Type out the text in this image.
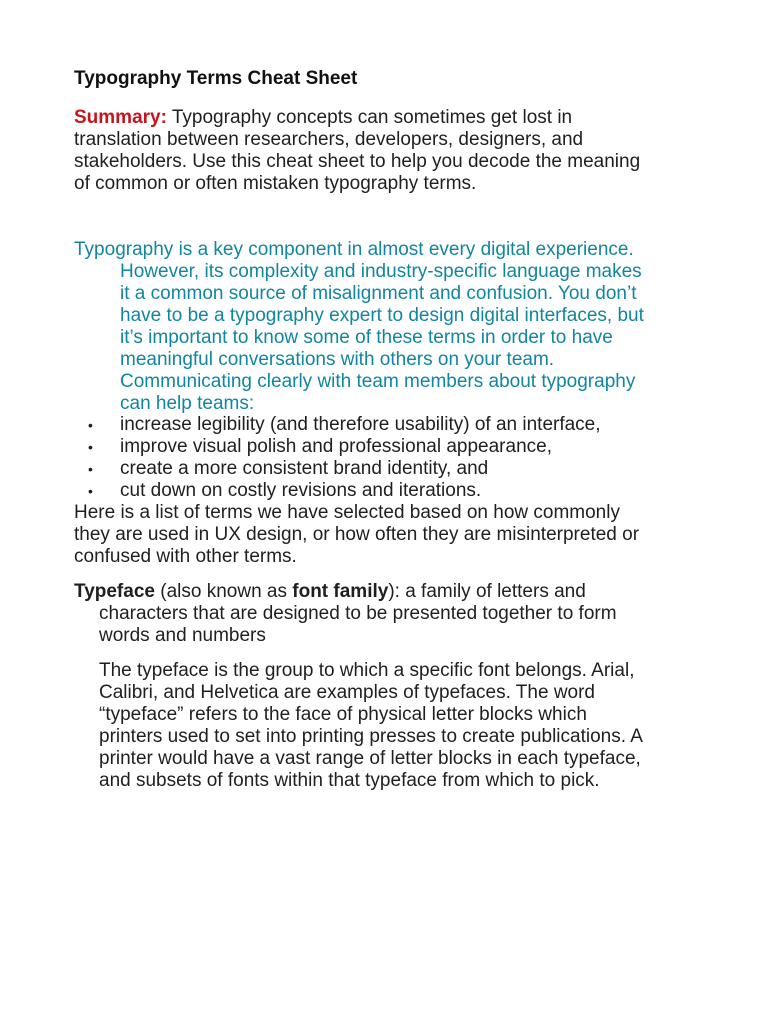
Typography Terms Cheat Sheet
Summary: Typography concepts can sometimes get lost in
translation between researchers, developers, designers, and
stakeholders. Use this cheat sheet to help you decode the meaning
of common or often mistaken typography terms.
Typography is a key component in almost every digital experience.
However, its complexity and industry-specific language makes
it a common source of misalignment and confusion. You don’t
have to be a typography expert to design digital interfaces, but
it’s important to know some of these terms in order to have
meaningful conversations with others on your team.
Communicating clearly with team members about typography
can help teams:
• increase legibility (and therefore usability) of an interface,
• improve visual polish and professional appearance,
• create a more consistent brand identity, and
• cut down on costly revisions and iterations.
Here is a list of terms we have selected based on how commonly
they are used in UX design, or how often they are misinterpreted or
confused with other terms.
Typeface (also known as font family): a family of letters and
characters that are designed to be presented together to form
words and numbers
The typeface is the group to which a specific font belongs. Arial,
Calibri, and Helvetica are examples of typefaces. The word
“typeface” refers to the face of physical letter blocks which
printers used to set into printing presses to create publications. A
printer would have a vast range of letter blocks in each typeface,
and subsets of fonts within that typeface from which to pick.
